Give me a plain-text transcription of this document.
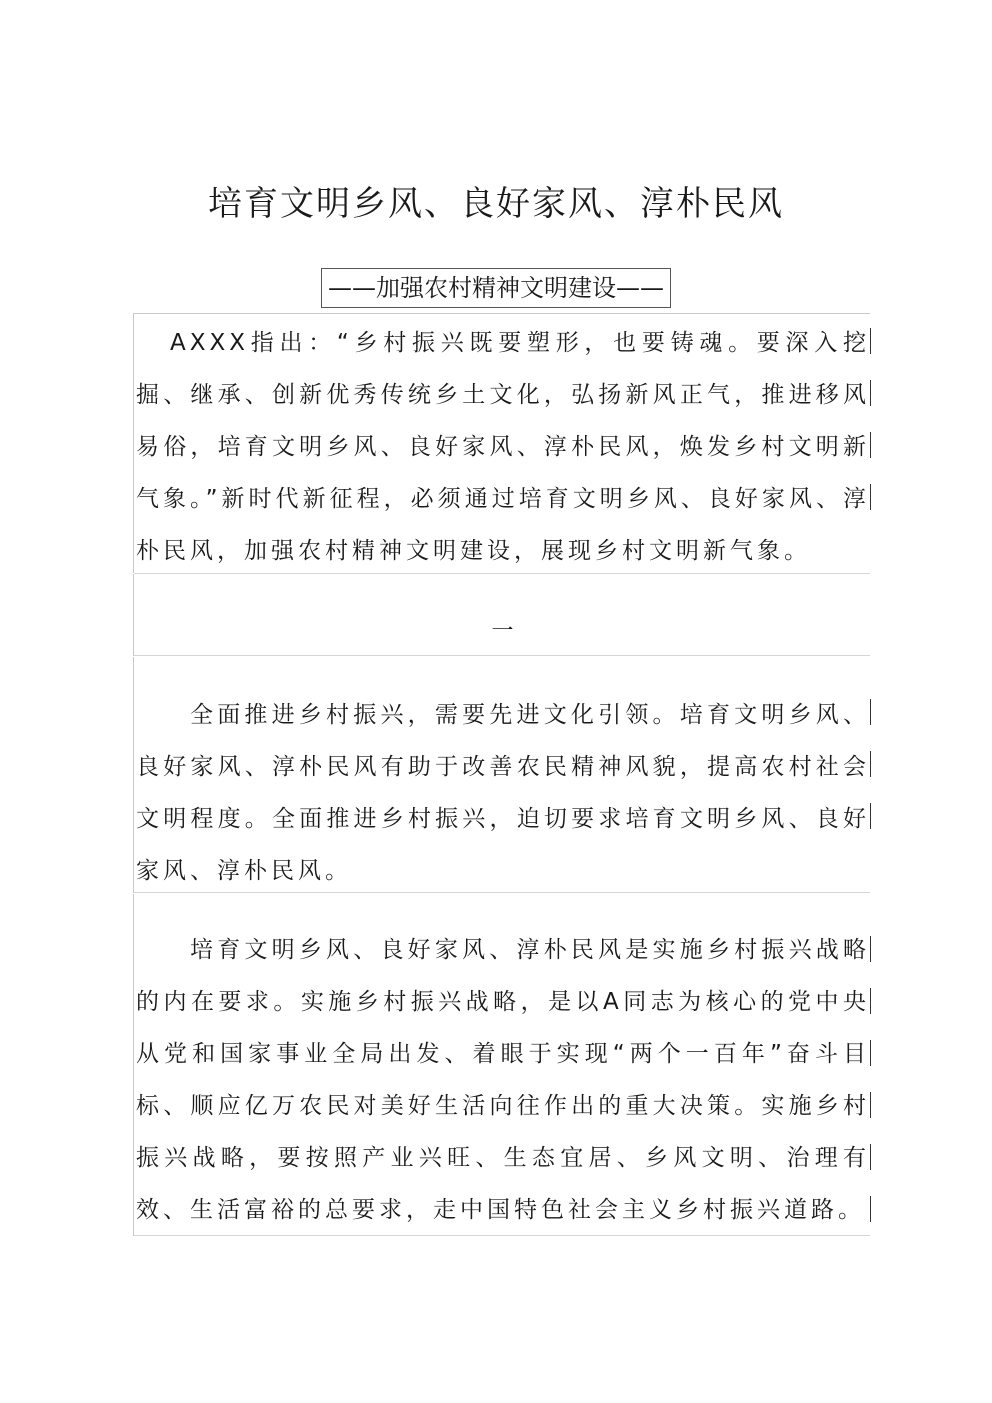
培育文明乡风、良好家风、淳朴民风
——加强农村精神文明建设——

AXXX指出：“乡村振兴既要塑形，也要铸魂。要深入挖掘、继承、创新优秀传统乡土文化，弘扬新风正气，推进移风易俗，培育文明乡风、良好家风、淳朴民风，焕发乡村文明新气象。”新时代新征程，必须通过培育文明乡风、良好家风、淳朴民风，加强农村精神文明建设，展现乡村文明新气象。

一

全面推进乡村振兴，需要先进文化引领。培育文明乡风、良好家风、淳朴民风有助于改善农民精神风貌，提高农村社会文明程度。全面推进乡村振兴，迫切要求培育文明乡风、良好家风、淳朴民风。

培育文明乡风、良好家风、淳朴民风是实施乡村振兴战略的内在要求。实施乡村振兴战略，是以A同志为核心的党中央从党和国家事业全局出发、着眼于实现“两个一百年”奋斗目标、顺应亿万农民对美好生活向往作出的重大决策。实施乡村振兴战略，要按照产业兴旺、生态宜居、乡风文明、治理有效、生活富裕的总要求，走中国特色社会主义乡村振兴道路。
